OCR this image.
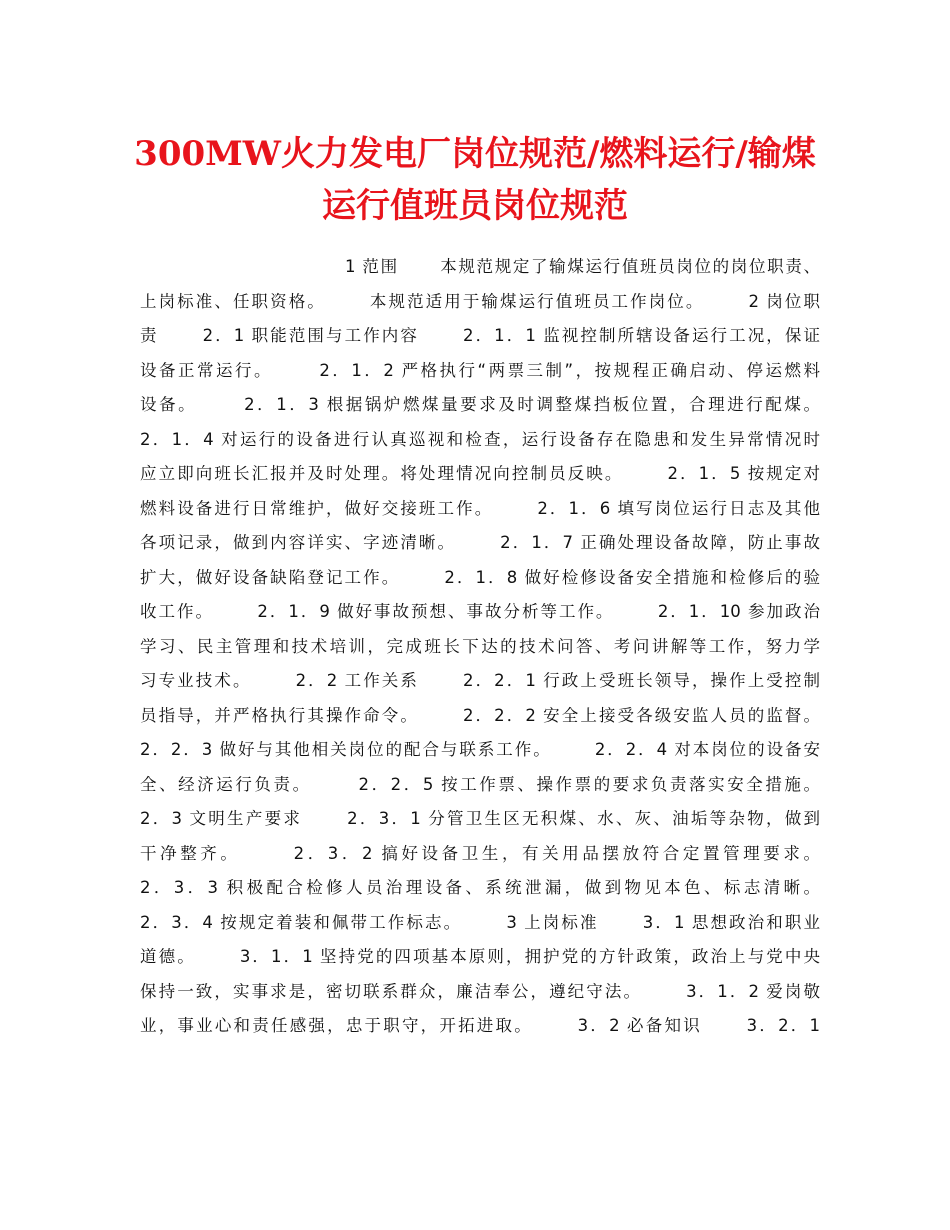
300MW火力发电厂岗位规范/燃料运行/输煤
运行值班员岗位规范
1 范围      本规范规定了输煤运行值班员岗位的岗位职责、
上岗标准、任职资格。      本规范适用于输煤运行值班员工作岗位。      2 岗位职
责      2．1 职能范围与工作内容      2．1．1 监视控制所辖设备运行工况，保证
设备正常运行。      2．1．2 严格执行“两票三制”，按规程正确启动、停运燃料
设备。      2．1．3 根据锅炉燃煤量要求及时调整煤挡板位置，合理进行配煤。
2．1．4 对运行的设备进行认真巡视和检查，运行设备存在隐患和发生异常情况时
应立即向班长汇报并及时处理。将处理情况向控制员反映。      2．1．5 按规定对
燃料设备进行日常维护，做好交接班工作。      2．1．6 填写岗位运行日志及其他
各项记录，做到内容详实、字迹清晰。      2．1．7 正确处理设备故障，防止事故
扩大，做好设备缺陷登记工作。      2．1．8 做好检修设备安全措施和检修后的验
收工作。      2．1．9 做好事故预想、事故分析等工作。      2．1．10 参加政治
学习、民主管理和技术培训，完成班长下达的技术问答、考问讲解等工作，努力学
习专业技术。      2．2 工作关系      2．2．1 行政上受班长领导，操作上受控制
员指导，并严格执行其操作命令。      2．2．2 安全上接受各级安监人员的监督。
2．2．3 做好与其他相关岗位的配合与联系工作。      2．2．4 对本岗位的设备安
全、经济运行负责。      2．2．5 按工作票、操作票的要求负责落实安全措施。
2．3 文明生产要求      2．3．1 分管卫生区无积煤、水、灰、油垢等杂物，做到
干净整齐。      2．3．2 搞好设备卫生，有关用品摆放符合定置管理要求。
2．3．3 积极配合检修人员治理设备、系统泄漏，做到物见本色、标志清晰。
2．3．4 按规定着装和佩带工作标志。      3 上岗标准      3．1 思想政治和职业
道德。      3．1．1 坚持党的四项基本原则，拥护党的方针政策，政治上与党中央
保持一致，实事求是，密切联系群众，廉洁奉公，遵纪守法。      3．1．2 爱岗敬
业，事业心和责任感强，忠于职守，开拓进取。      3．2 必备知识      3．2．1
